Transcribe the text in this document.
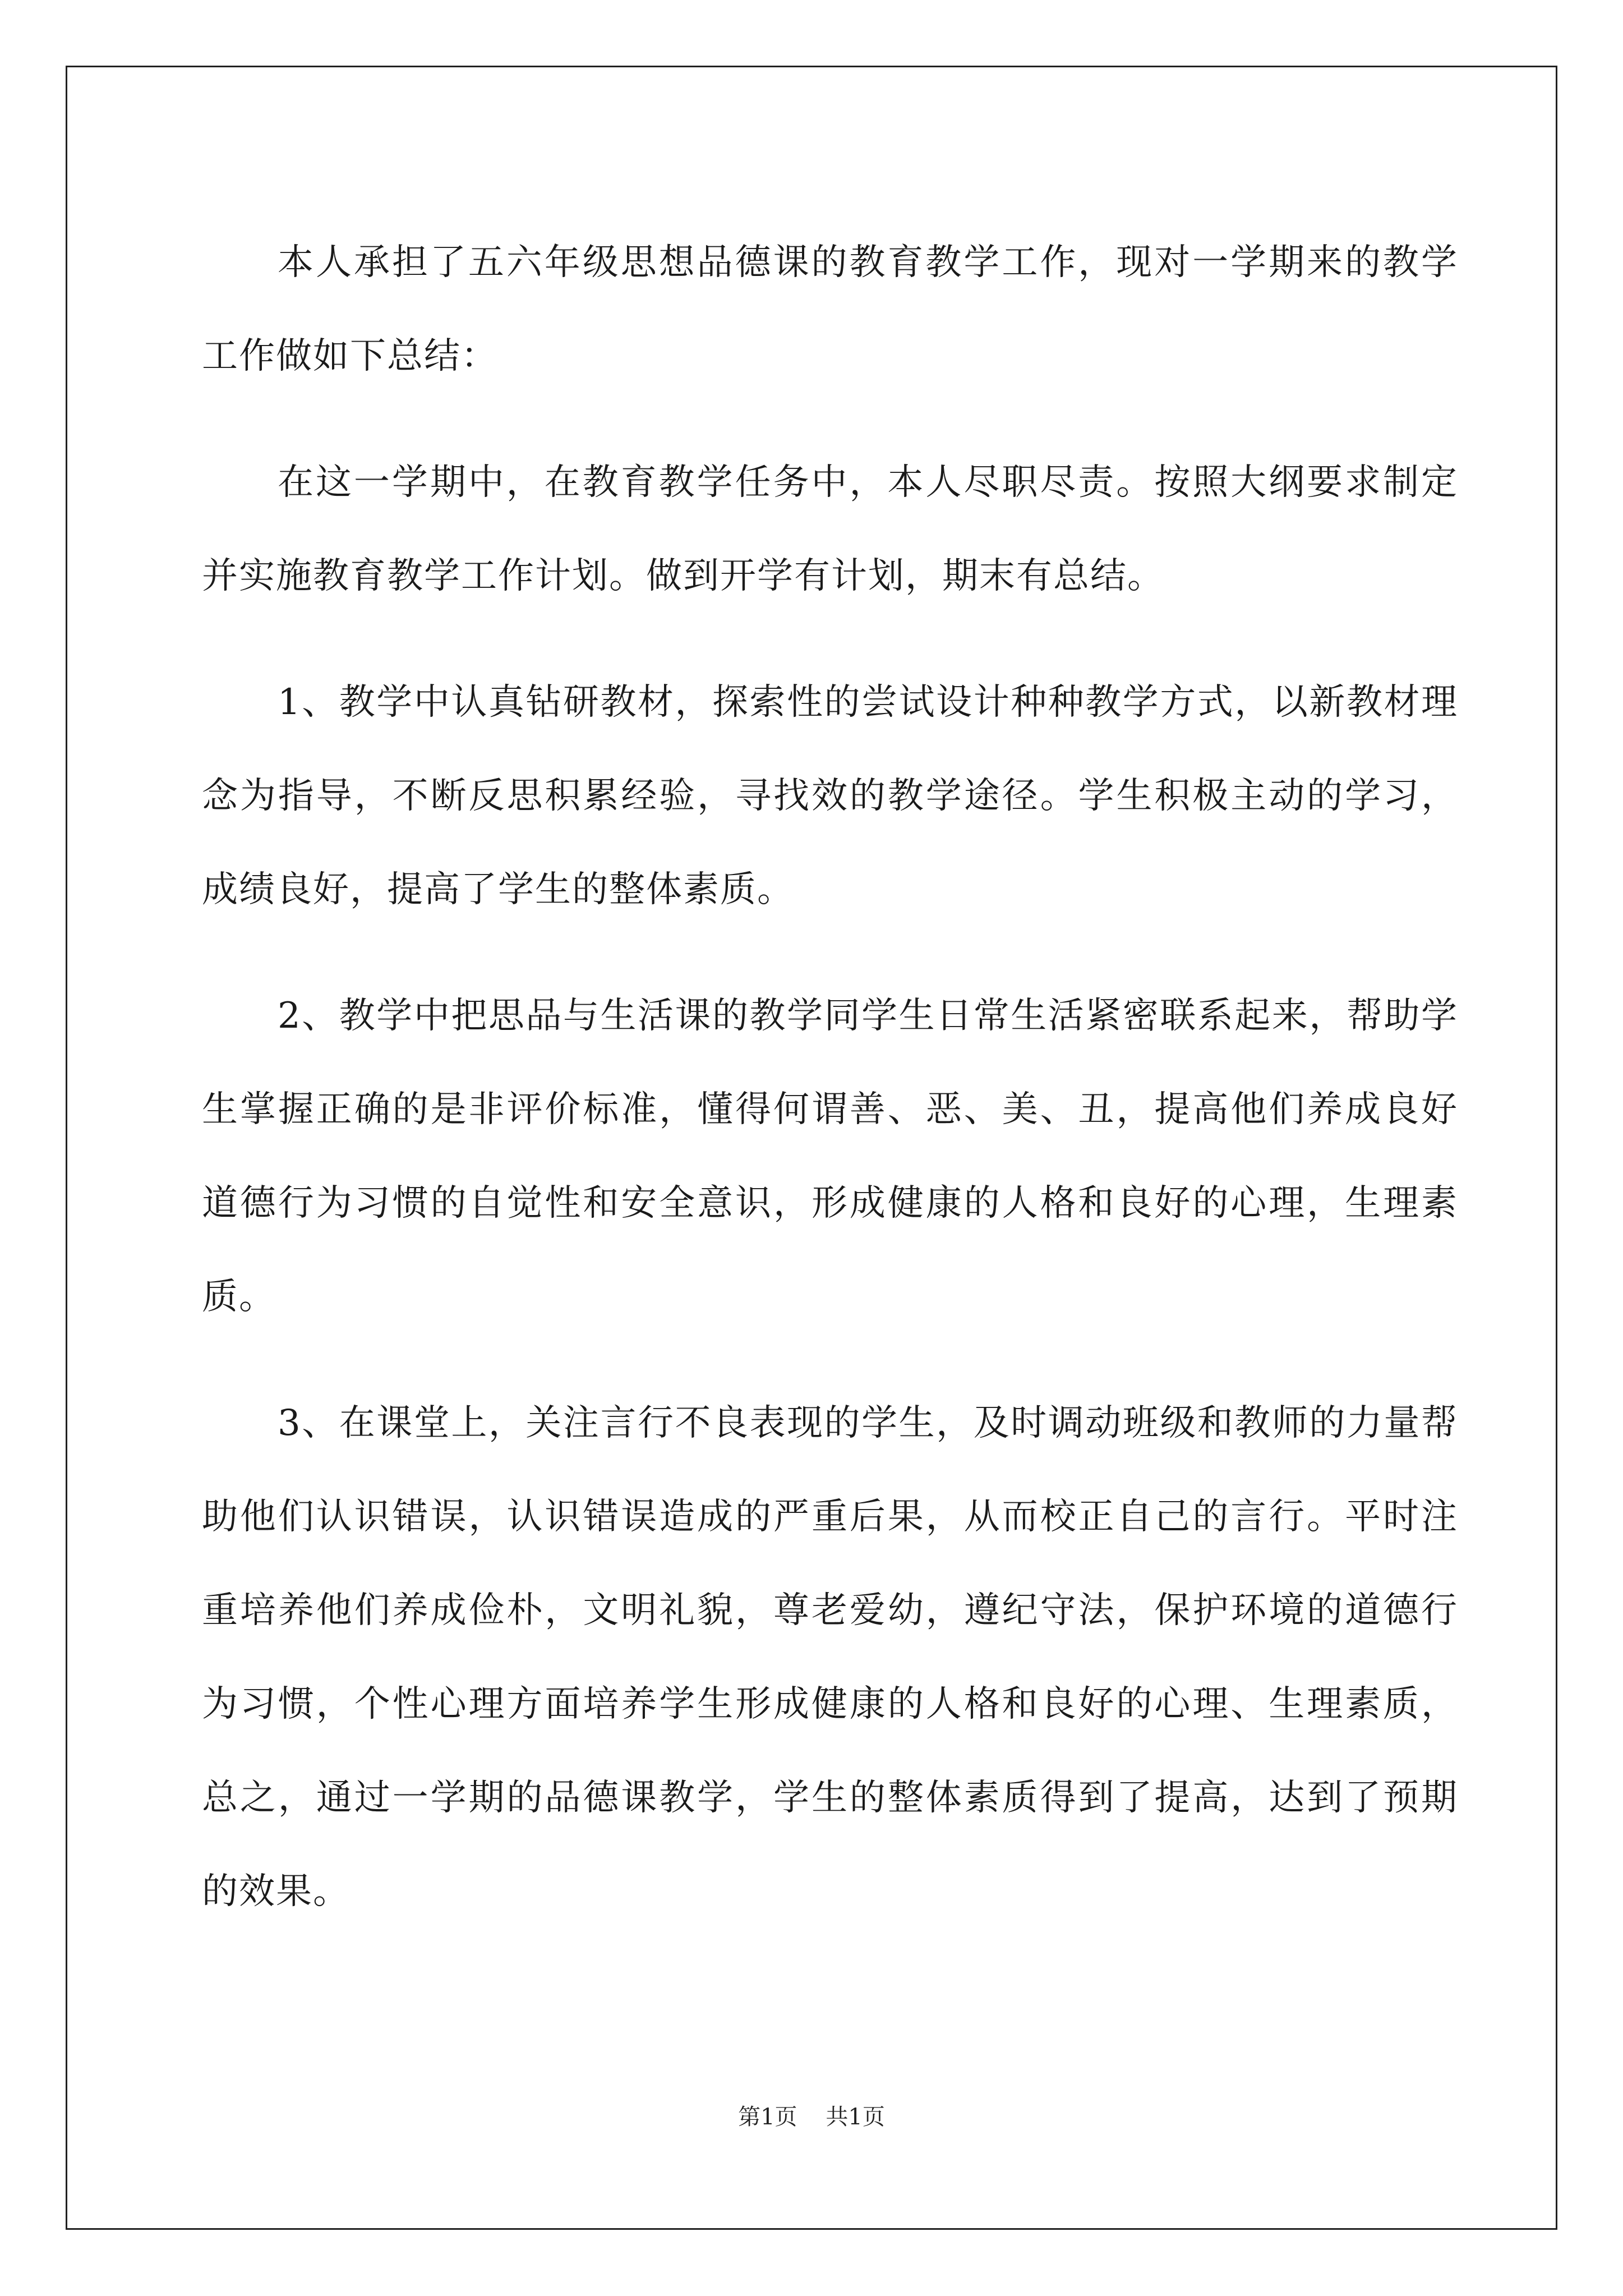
本人承担了五六年级思想品德课的教育教学工作，现对一学期来的教学工作做如下总结：

在这一学期中，在教育教学任务中，本人尽职尽责。按照大纲要求制定并实施教育教学工作计划。做到开学有计划，期末有总结。

1、教学中认真钻研教材，探索性的尝试设计种种教学方式，以新教材理念为指导，不断反思积累经验，寻找效的教学途径。学生积极主动的学习，成绩良好，提高了学生的整体素质。

2、教学中把思品与生活课的教学同学生日常生活紧密联系起来，帮助学生掌握正确的是非评价标准，懂得何谓善、恶、美、丑，提高他们养成良好道德行为习惯的自觉性和安全意识，形成健康的人格和良好的心理，生理素质。

3、在课堂上，关注言行不良表现的学生，及时调动班级和教师的力量帮助他们认识错误，认识错误造成的严重后果，从而校正自己的言行。平时注重培养他们养成俭朴，文明礼貌，尊老爱幼，遵纪守法，保护环境的道德行为习惯，个性心理方面培养学生形成健康的人格和良好的心理、生理素质，总之，通过一学期的品德课教学，学生的整体素质得到了提高，达到了预期的效果。

第1页    共1页
